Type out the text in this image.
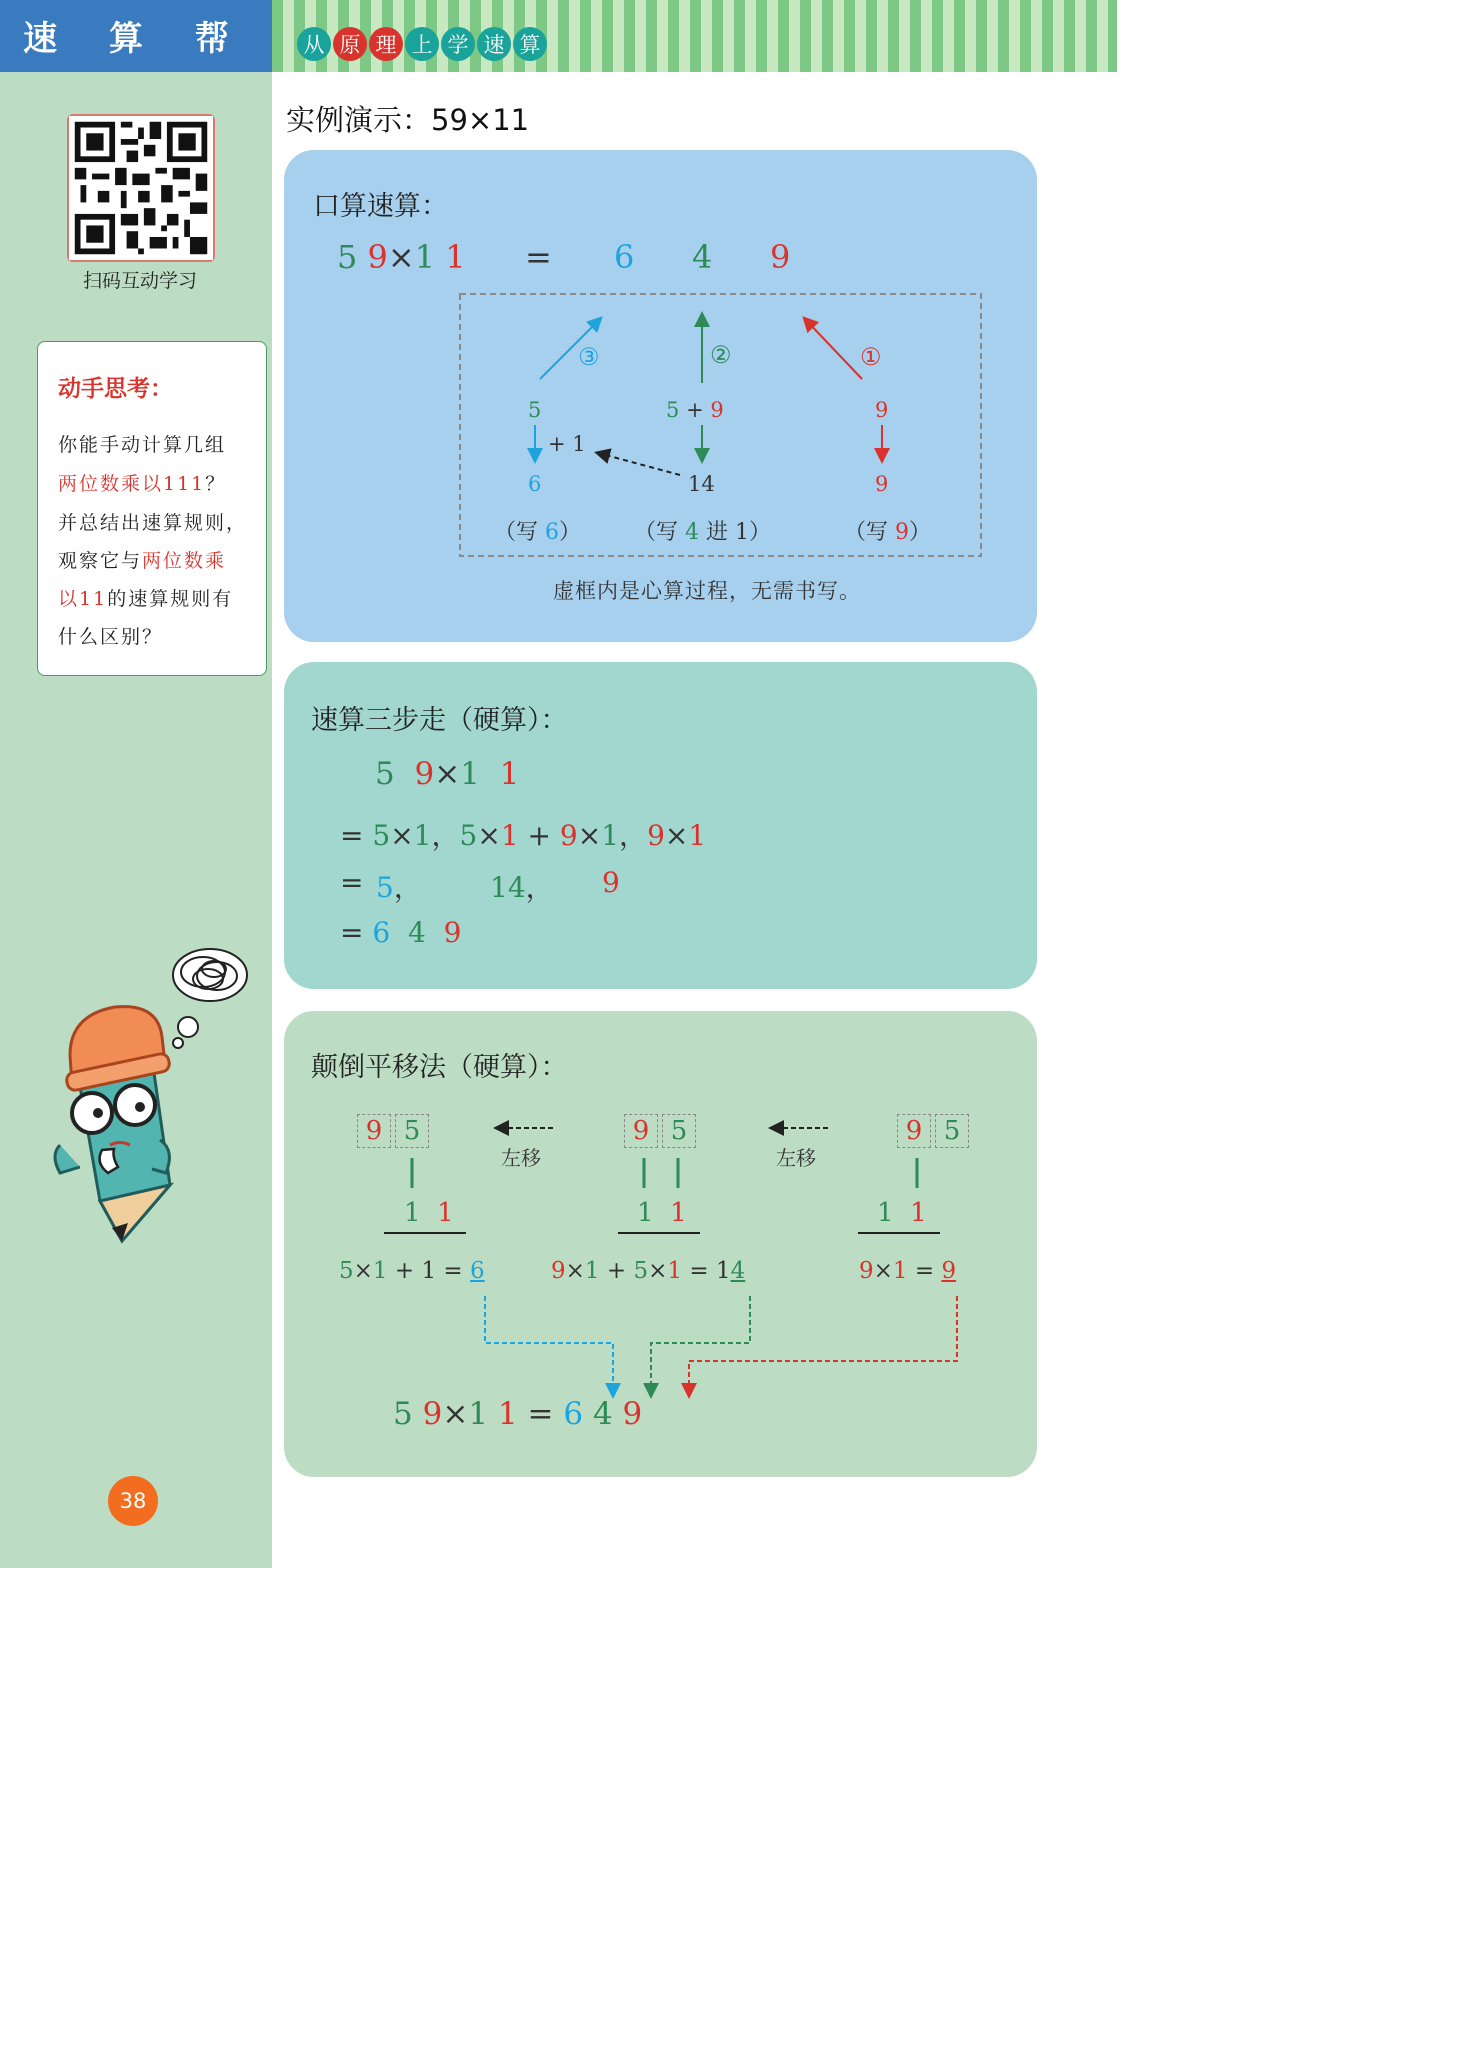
速 算 帮	从 原 理 上 学 速 算
扫码互动学习
动手思考：
你能手动计算几组
两位数乘以111？
并总结出速算规则，
观察它与两位数乘
以11的速算规则有
什么区别？
38
实例演示：59×11
口算速算：
5 9×1 1 = 6 4 9
③	②	①
5
+ 1
6
5 + 9
14
9
9
（写 6） （写 4 进 1）	（写 9）
虚框内是心算过程，无需书写。
速算三步走（硬算）：
5 9×1 1
= 5×1，5×1 + 9×1，9×1
= 5， 14， 9
= 6 4 9
颠倒平移法（硬算）：
9 5	9 5	9 5
左移	左移
1 1	1 1	1 1
5×1 + 1 = 6	9×1 + 5×1 = 14	9×1 = 9
5 9×1 1 = 6 4 9
